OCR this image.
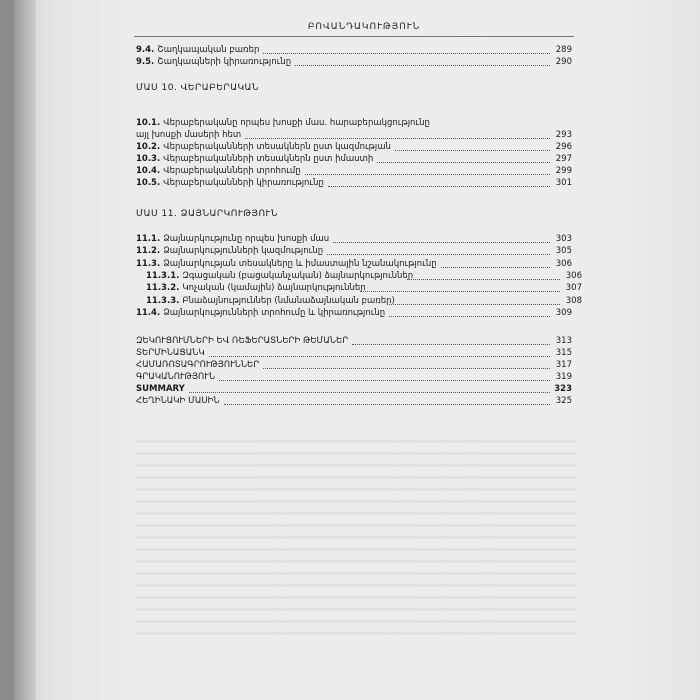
ԲՈՎԱՆԴԱԿՈՒԹՅՈՒՆ
9.4. Շաղկապական բառեր	289
9.5. Շաղկապների կիրառությունը	290
ՄԱՍ 10. ՎԵՐԱԲԵՐԱԿԱՆ
10.1. Վերաբերականը որպես խոսքի մաս. հարաբերակցությունը
այլ խոսքի մասերի հետ	293
10.2. Վերաբերականների տեսակներն ըստ կազմության	296
10.3. Վերաբերականների տեսակներն ըստ իմաստի	297
10.4. Վերաբերականների տրոհումը	299
10.5. Վերաբերականների կիրառությունը	301
ՄԱՍ 11. ՁԱՅՆԱՐԿՈՒԹՅՈՒՆ
11.1. Ձայնարկությունը որպես խոսքի մաս	303
11.2. Ձայնարկությունների կազմությունը	305
11.3. Ձայնարկության տեսակները և իմաստային նշանակությունը	306
11.3.1. Զգացական (բացականչական) ձայնարկություններ	306
11.3.2. Կոչական (կամային) ձայնարկություններ	307
11.3.3. Բնաձայնություններ (նմանաձայնական բառեր)	308
11.4. Ձայնարկությունների տրոհումը և կիրառությունը	309
ԶԵԿՈՒՑՈՒՄՆԵՐԻ ԵՎ ՌԵՖԵՐԱՏՆԵՐԻ ԹԵՄԱՆԵՐ	313
ՏԵՐՄԻՆԱՑԱՆԿ	315
ՀԱՄԱՌՈՏԱԳՐՈՒԹՅՈՒՆՆԵՐ	317
ԳՐԱԿԱՆՈՒԹՅՈՒՆ	319
SUMMARY	323
ՀԵՂԻՆԱԿԻ ՄԱՍԻՆ	325
